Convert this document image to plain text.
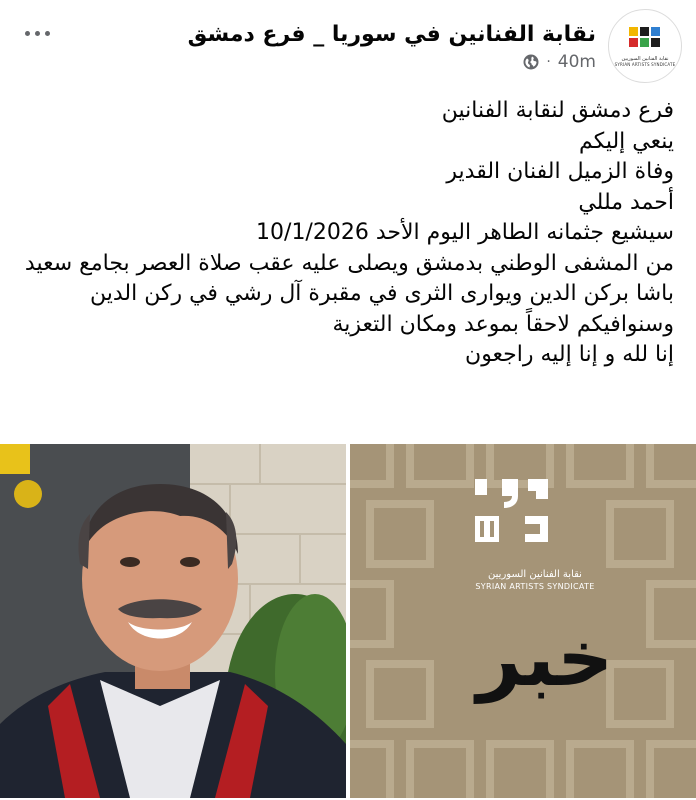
نقابة الفنانين السوريين
SYRIAN ARTISTS SYNDICATE
نقابة الفنانين في سوريا _ فرع دمشق
· 40m

فرع دمشق لنقابة الفنانين

ينعي إليكم

وفاة الزميل الفنان القدير

أحمد مللي

سيشيع جثمانه الطاهر اليوم الأحد 10/1/2026

من المشفى الوطني بدمشق ويصلى عليه عقب صلاة العصر بجامع سعيد باشا بركن الدين ويوارى الثرى في مقبرة آل رشي في ركن الدين

وسنوافيكم لاحقاً بموعد ومكان التعزية

إنا لله و إنا إليه راجعون

نقابة الفنانين السوريين
SYRIAN ARTISTS SYNDICATE
خبر
